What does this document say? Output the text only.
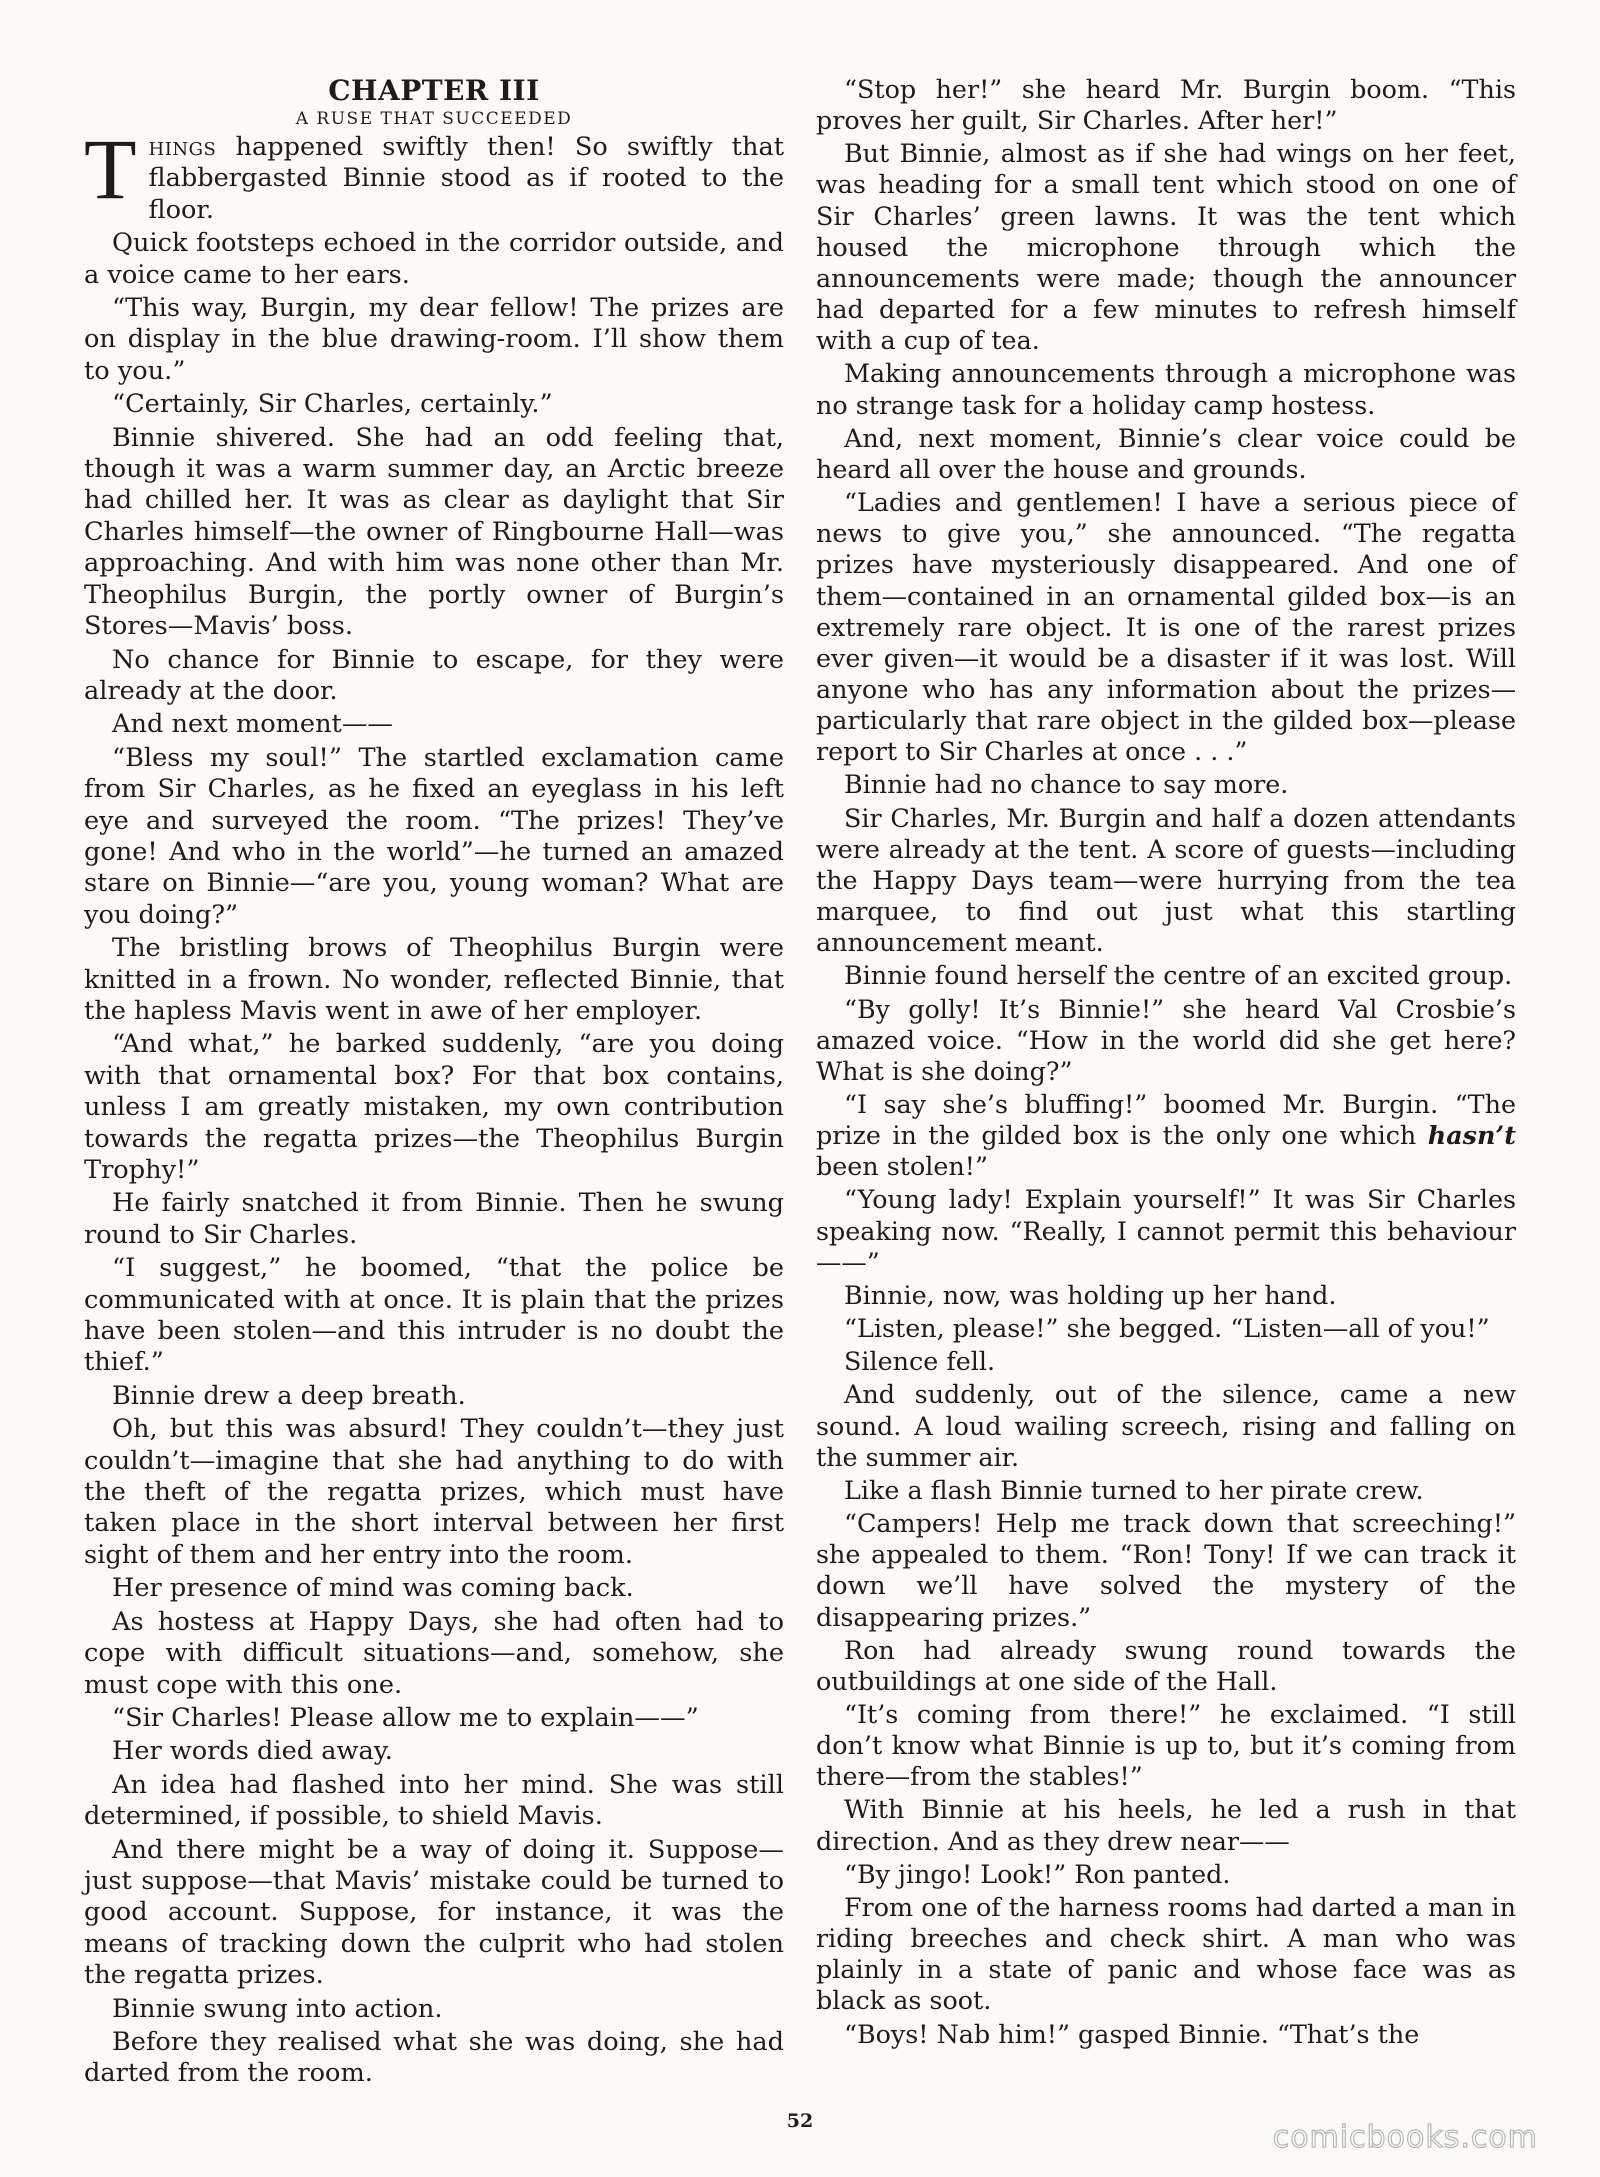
CHAPTER III
A RUSE THAT SUCCEEDED

Things happened swiftly then! So swiftly that flabbergasted Binnie stood as if rooted to the floor.

Quick footsteps echoed in the corridor outside, and a voice came to her ears.

“This way, Burgin, my dear fellow! The prizes are on display in the blue drawing-room. I’ll show them to you.”

“Certainly, Sir Charles, certainly.”

Binnie shivered. She had an odd feeling that, though it was a warm summer day, an Arctic breeze had chilled her. It was as clear as daylight that Sir Charles himself—the owner of Ringbourne Hall—was approaching. And with him was none other than Mr. Theophilus Burgin, the portly owner of Burgin’s Stores—Mavis’ boss.

No chance for Binnie to escape, for they were already at the door.

And next moment——

“Bless my soul!” The startled exclamation came from Sir Charles, as he fixed an eyeglass in his left eye and surveyed the room. “The prizes! They’ve gone! And who in the world”—he turned an amazed stare on Binnie—“are you, young woman? What are you doing?”

The bristling brows of Theophilus Burgin were knitted in a frown. No wonder, reflected Binnie, that the hapless Mavis went in awe of her employer.

“And what,” he barked suddenly, “are you doing with that ornamental box? For that box contains, unless I am greatly mistaken, my own contribution towards the regatta prizes—the Theophilus Burgin Trophy!”

He fairly snatched it from Binnie. Then he swung round to Sir Charles.

“I suggest,” he boomed, “that the police be communicated with at once. It is plain that the prizes have been stolen—and this intruder is no doubt the thief.”

Binnie drew a deep breath.

Oh, but this was absurd! They couldn’t—they just couldn’t—imagine that she had anything to do with the theft of the regatta prizes, which must have taken place in the short interval between her first sight of them and her entry into the room.

Her presence of mind was coming back.

As hostess at Happy Days, she had often had to cope with difficult situations—and, somehow, she must cope with this one.

“Sir Charles! Please allow me to explain——”

Her words died away.

An idea had flashed into her mind. She was still determined, if possible, to shield Mavis.

And there might be a way of doing it. Suppose—just suppose—that Mavis’ mistake could be turned to good account. Suppose, for instance, it was the means of tracking down the culprit who had stolen the regatta prizes.

Binnie swung into action.

Before they realised what she was doing, she had darted from the room.

“Stop her!” she heard Mr. Burgin boom. “This proves her guilt, Sir Charles. After her!”

But Binnie, almost as if she had wings on her feet, was heading for a small tent which stood on one of Sir Charles’ green lawns. It was the tent which housed the microphone through which the announcements were made; though the announcer had departed for a few minutes to refresh himself with a cup of tea.

Making announcements through a microphone was no strange task for a holiday camp hostess.

And, next moment, Binnie’s clear voice could be heard all over the house and grounds.

“Ladies and gentlemen! I have a serious piece of news to give you,” she announced. “The regatta prizes have mysteriously disappeared. And one of them—contained in an ornamental gilded box—is an extremely rare object. It is one of the rarest prizes ever given—it would be a disaster if it was lost. Will anyone who has any information about the prizes—particularly that rare object in the gilded box—please report to Sir Charles at once . . .”

Binnie had no chance to say more.

Sir Charles, Mr. Burgin and half a dozen attendants were already at the tent. A score of guests—including the Happy Days team—were hurrying from the tea marquee, to find out just what this startling announcement meant.

Binnie found herself the centre of an excited group.

“By golly! It’s Binnie!” she heard Val Crosbie’s amazed voice. “How in the world did she get here? What is she doing?”

“I say she’s bluffing!” boomed Mr. Burgin. “The prize in the gilded box is the only one which hasn’t been stolen!”

“Young lady! Explain yourself!” It was Sir Charles speaking now. “Really, I cannot permit this behaviour——”

Binnie, now, was holding up her hand.

“Listen, please!” she begged. “Listen—all of you!”

Silence fell.

And suddenly, out of the silence, came a new sound. A loud wailing screech, rising and falling on the summer air.

Like a flash Binnie turned to her pirate crew.

“Campers! Help me track down that screeching!” she appealed to them. “Ron! Tony! If we can track it down we’ll have solved the mystery of the disappearing prizes.”

Ron had already swung round towards the outbuildings at one side of the Hall.

“It’s coming from there!” he exclaimed. “I still don’t know what Binnie is up to, but it’s coming from there—from the stables!”

With Binnie at his heels, he led a rush in that direction. And as they drew near——

“By jingo! Look!” Ron panted.

From one of the harness rooms had darted a man in riding breeches and check shirt. A man who was plainly in a state of panic and whose face was as black as soot.

“Boys! Nab him!” gasped Binnie. “That’s the

52	comicbooks.com
